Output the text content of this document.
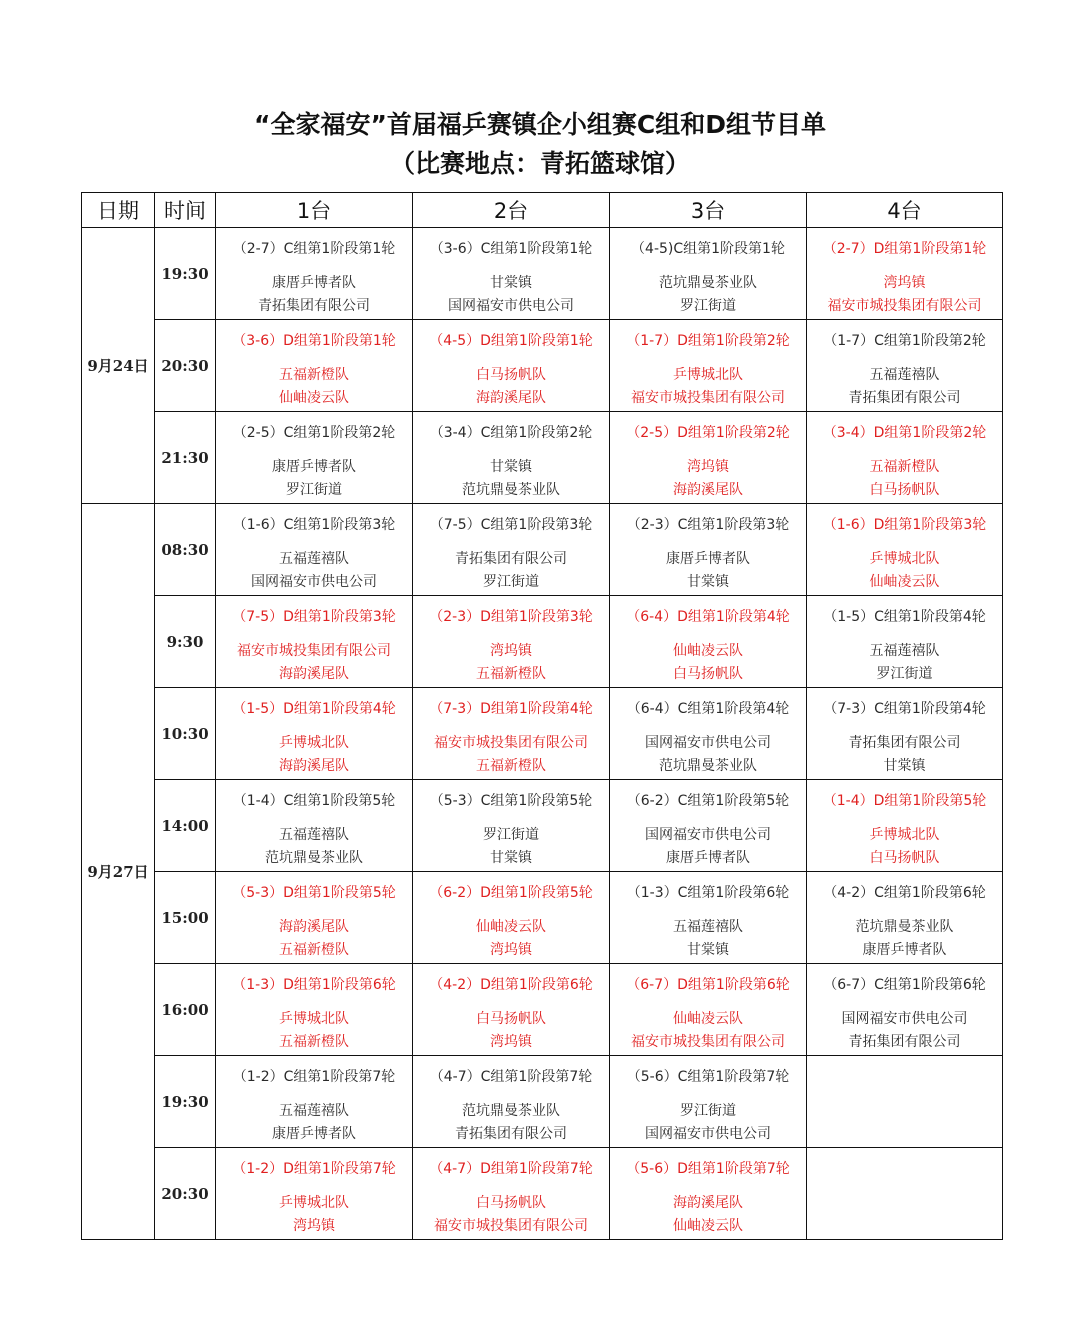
“全家福安”首届福乒赛镇企小组赛C组和D组节目单
（比赛地点：青拓篮球馆）
日期	时间	1台	2台	3台	4台
9月24日	19:30	（2-7）C组第1阶段第1轮
康厝乒博者队
青拓集团有限公司	（3-6）C组第1阶段第1轮
甘棠镇
国网福安市供电公司	（4-5)C组第1阶段第1轮
范坑鼎曼茶业队
罗江街道	（2-7）D组第1阶段第1轮
湾坞镇
福安市城投集团有限公司

	20:30	（3-6）D组第1阶段第1轮
五福新橙队
仙岫凌云队	（4-5）D组第1阶段第1轮
白马扬帆队
海韵溪尾队	（1-7）D组第1阶段第2轮
乒博城北队
福安市城投集团有限公司	（1-7）C组第1阶段第2轮
五福莲禧队
青拓集团有限公司

	21:30	（2-5）C组第1阶段第2轮
康厝乒博者队
罗江街道	（3-4）C组第1阶段第2轮
甘棠镇
范坑鼎曼茶业队	（2-5）D组第1阶段第2轮
湾坞镇
海韵溪尾队	（3-4）D组第1阶段第2轮
五福新橙队
白马扬帆队

9月27日	08:30	（1-6）C组第1阶段第3轮
五福莲禧队
国网福安市供电公司	（7-5）C组第1阶段第3轮
青拓集团有限公司
罗江街道	（2-3）C组第1阶段第3轮
康厝乒博者队
甘棠镇	（1-6）D组第1阶段第3轮
乒博城北队
仙岫凌云队

	9:30	（7-5）D组第1阶段第3轮
福安市城投集团有限公司
海韵溪尾队	（2-3）D组第1阶段第3轮
湾坞镇
五福新橙队	（6-4）D组第1阶段第4轮
仙岫凌云队
白马扬帆队	（1-5）C组第1阶段第4轮
五福莲禧队
罗江街道

	10:30	（1-5）D组第1阶段第4轮
乒博城北队
海韵溪尾队	（7-3）D组第1阶段第4轮
福安市城投集团有限公司
五福新橙队	（6-4）C组第1阶段第4轮
国网福安市供电公司
范坑鼎曼茶业队	（7-3）C组第1阶段第4轮
青拓集团有限公司
甘棠镇

	14:00	（1-4）C组第1阶段第5轮
五福莲禧队
范坑鼎曼茶业队	（5-3）C组第1阶段第5轮
罗江街道
甘棠镇	（6-2）C组第1阶段第5轮
国网福安市供电公司
康厝乒博者队	（1-4）D组第1阶段第5轮
乒博城北队
白马扬帆队

	15:00	（5-3）D组第1阶段第5轮
海韵溪尾队
五福新橙队	（6-2）D组第1阶段第5轮
仙岫凌云队
湾坞镇	（1-3）C组第1阶段第6轮
五福莲禧队
甘棠镇	（4-2）C组第1阶段第6轮
范坑鼎曼茶业队
康厝乒博者队

	16:00	（1-3）D组第1阶段第6轮
乒博城北队
五福新橙队	（4-2）D组第1阶段第6轮
白马扬帆队
湾坞镇	（6-7）D组第1阶段第6轮
仙岫凌云队
福安市城投集团有限公司	（6-7）C组第1阶段第6轮
国网福安市供电公司
青拓集团有限公司

	19:30	（1-2）C组第1阶段第7轮
五福莲禧队
康厝乒博者队	（4-7）C组第1阶段第7轮
范坑鼎曼茶业队
青拓集团有限公司	（5-6）C组第1阶段第7轮
罗江街道
国网福安市供电公司	

	20:30	（1-2）D组第1阶段第7轮
乒博城北队
湾坞镇	（4-7）D组第1阶段第7轮
白马扬帆队
福安市城投集团有限公司	（5-6）D组第1阶段第7轮
海韵溪尾队
仙岫凌云队	
